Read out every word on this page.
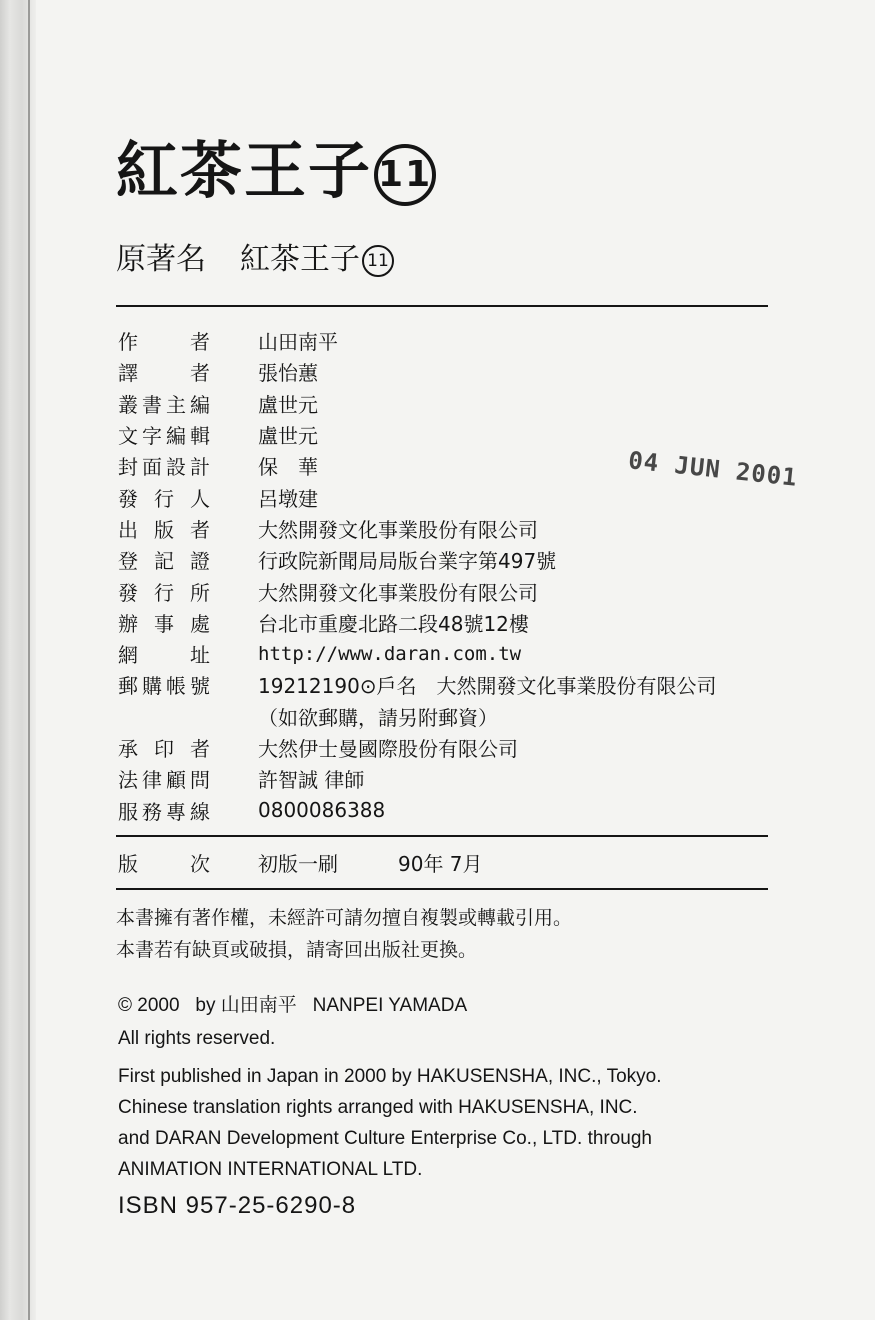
紅茶王子 11
原著名 紅茶王子 11
作	者 山田南平
譯	者 張怡蕙
叢 書 主 編 盧世元
文 字 編 輯 盧世元
封 面 設 計 保　華
發 行 人 呂墩建
出 版 者 大然開發文化事業股份有限公司
登 記 證 行政院新聞局局版台業字第497號
發 行 所 大然開發文化事業股份有限公司
辦 事 處 台北市重慶北路二段48號12樓
網	址	http://www.daran.com.tw
郵 購 帳 號 19212190⊙戶名　大然開發文化事業股份有限公司
（如欲郵購，請另附郵資）
承 印 者 大然伊士曼國際股份有限公司
法 律 顧 問 許智誠 律師
服 務 專 線 0800086388
版	次 初版一刷	90年 7月
本書擁有著作權，未經許可請勿擅自複製或轉載引用。
本書若有缺頁或破損，請寄回出版社更換。
© 2000 by 山田南平 NANPEI YAMADA
All rights reserved.
First published in Japan in 2000 by HAKUSENSHA, INC., Tokyo.
Chinese translation rights arranged with HAKUSENSHA, INC.
and DARAN Development Culture Enterprise Co., LTD. through
ANIMATION INTERNATIONAL LTD.
ISBN 957-25-6290-8
04 JUN 2001
